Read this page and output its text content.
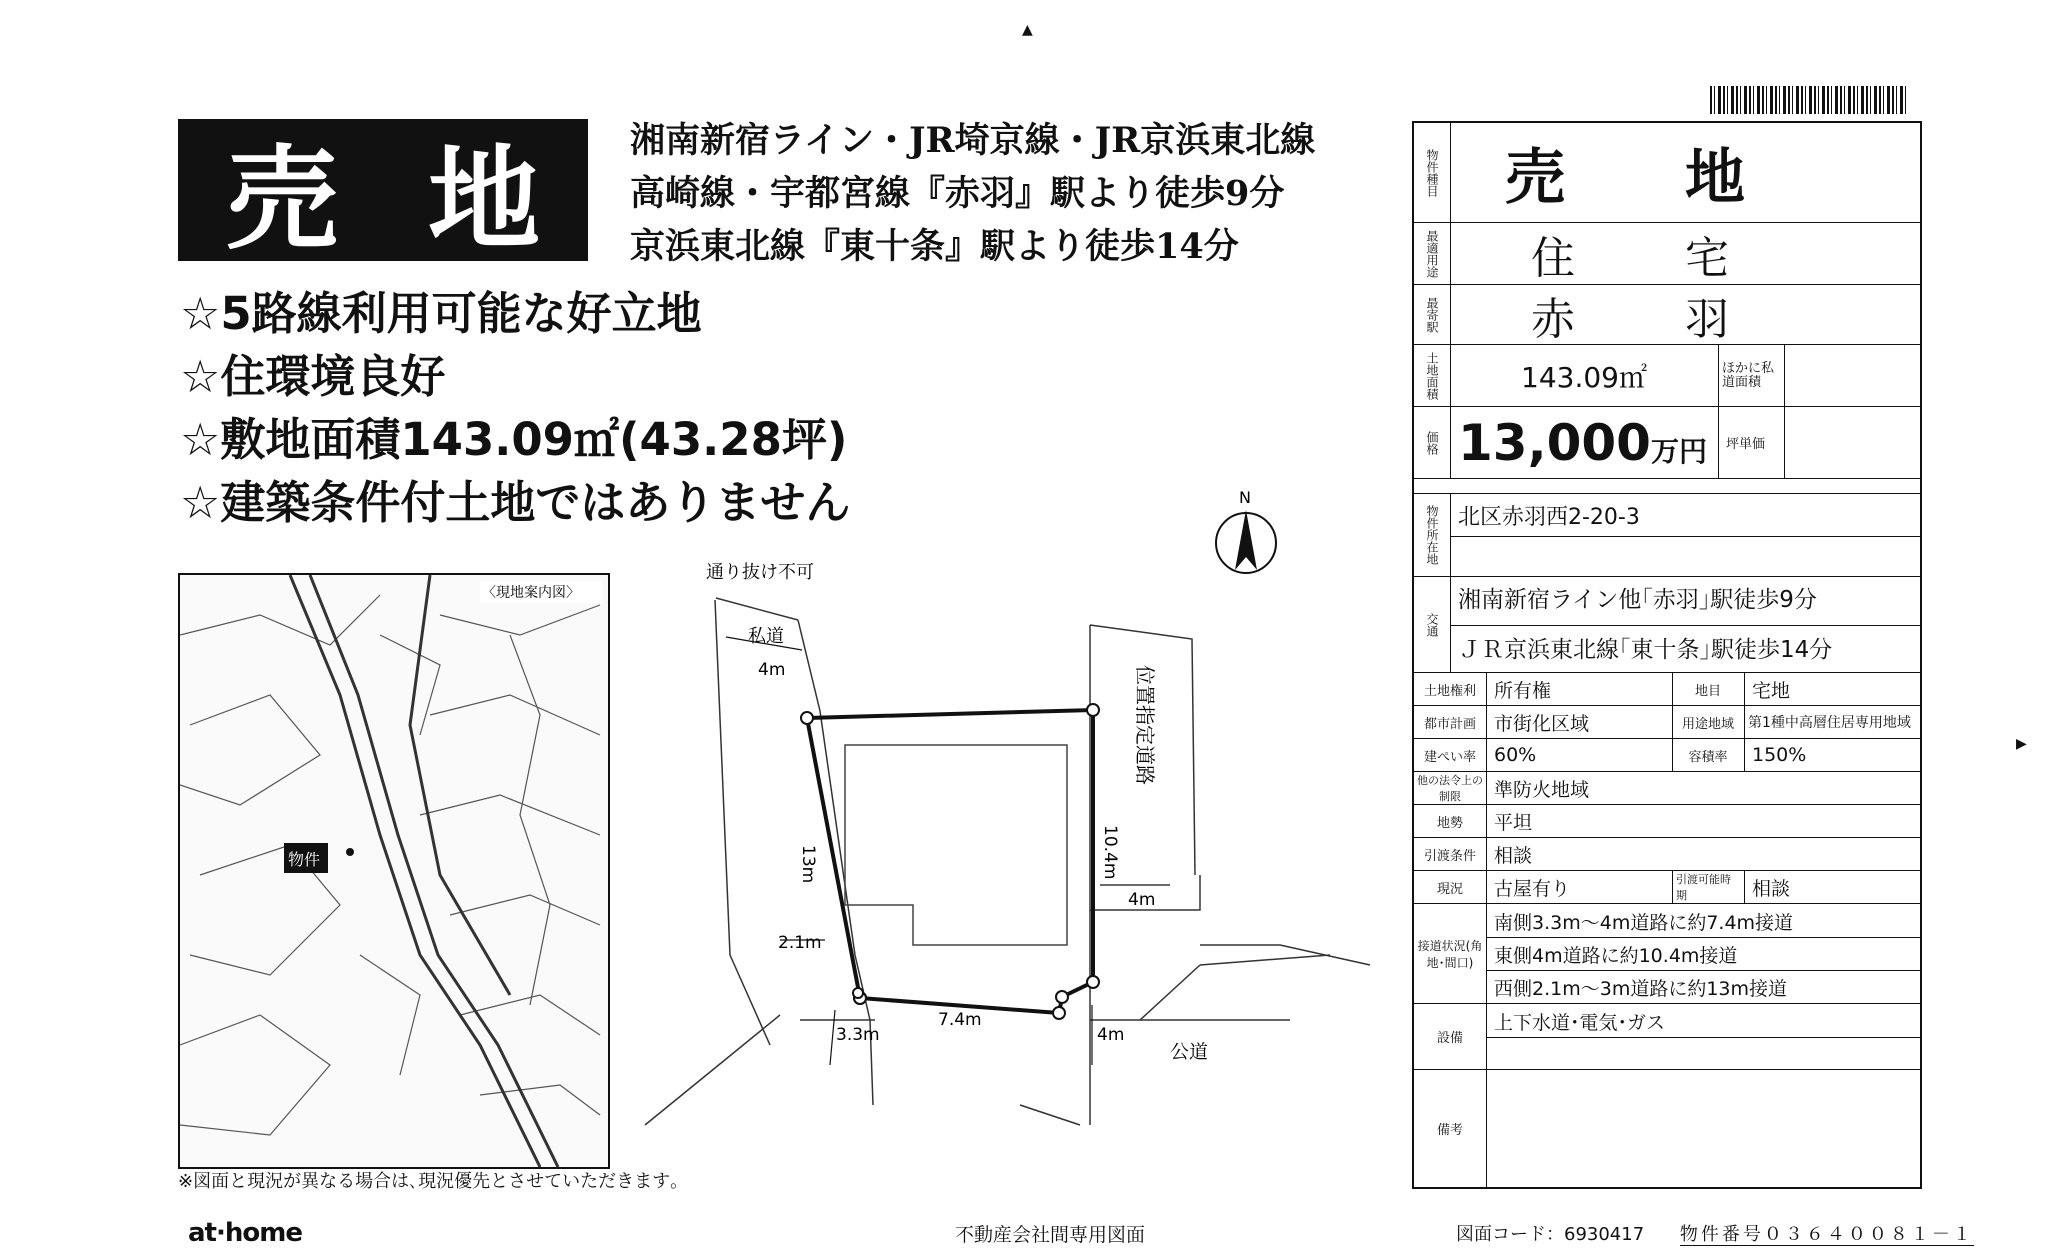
▲
▶
売地 湘南新宿ライン・JR埼京線・JR京浜東北線
高崎線・宇都宮線『赤羽』駅より徒歩9分
京浜東北線『東十条』駅より徒歩14分
☆5路線利用可能な好立地
☆住環境良好
☆敷地面積143.09㎡(43.28坪)
☆建築条件付土地ではありません
物件
〈現地案内図〉
※図面と現況が異なる場合は､現況優先とさせていただきます｡
N
通り抜け不可
私道
4m	位置指定道路
13m	10.4m
4m
2.1m
7.4m
3.3m	4m
公道
物件種目	売地
最適用途	住宅
最寄駅	赤羽
土地面積	143.09㎡	ほかに私道面積
価格 13,000 万円 坪単価
物件所在地 北区赤羽西2-20-3
交通
湘南新宿ライン他｢赤羽｣駅徒歩9分
ＪＲ京浜東北線｢東十条｣駅徒歩14分
土地権利 所有権	地目	宅地
都市計画 市街化区域	用途地域	第1種中高層住居専用地域
建ぺい率 60%	容積率	150%
他の法令上の制限	準防火地域
地勢	平坦
引渡条件 相談
現況	古屋有り	引渡可能時期	相談
接道状況(角地･間口)
南側3.3m～4m道路に約7.4m接道
東側4m道路に約10.4m接道
西側2.1m～3m道路に約13m接道
設備
上下水道･電気･ガス
備考
at·home	不動産会社間専用図面	図面コード：6930417 物件番号０３６４００８１－１
